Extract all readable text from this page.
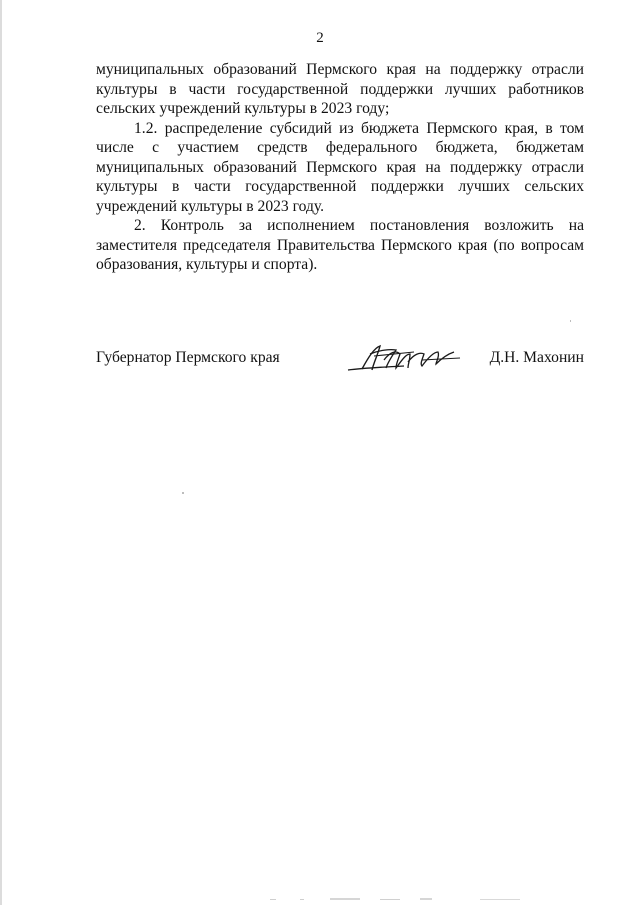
2

муниципальных образований Пермского края на поддержку отрасли культуры в части государственной поддержки лучших работников сельских учреждений культуры в 2023 году;

1.2. распределение субсидий из бюджета Пермского края, в том числе с участием средств федерального бюджета, бюджетам муниципальных образований Пермского края на поддержку отрасли культуры в части государственной поддержки лучших сельских учреждений культуры в 2023 году.

2. Контроль за исполнением постановления возложить на заместителя председателя Правительства Пермского края (по вопросам образования, культуры и спорта).

Губернатор Пермского края	Д.Н. Махонин
